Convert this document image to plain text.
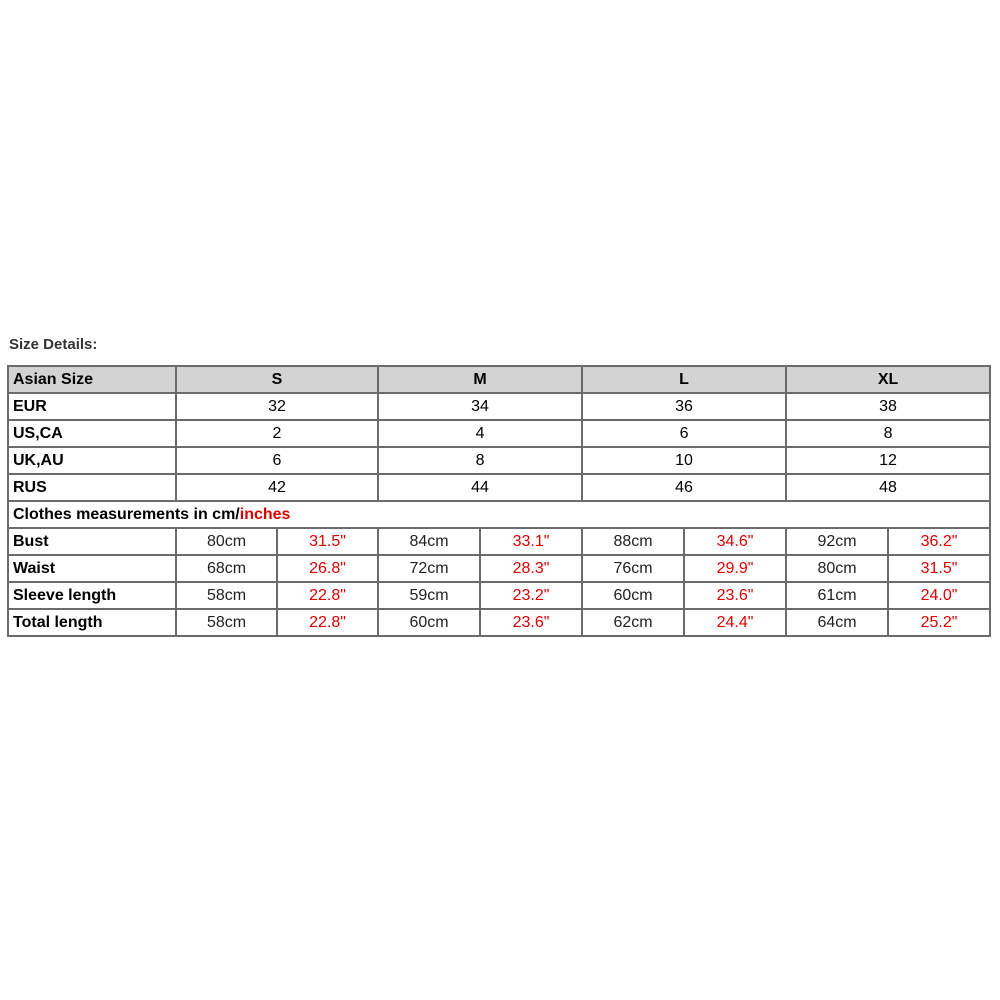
Size Details:
Asian Size	S		M		L		XL	
EUR	32		34		36		38	
US,CA	2		4		6		8	
UK,AU	6		8		10		12	
RUS	42		44		46		48	
Clothes measurements in cm/inches								
Bust	80cm	31.5"	84cm	33.1"	88cm	34.6"	92cm	36.2"
Waist	68cm	26.8"	72cm	28.3"	76cm	29.9"	80cm	31.5"
Sleeve length	58cm	22.8"	59cm	23.2"	60cm	23.6"	61cm	24.0"
Total length	58cm	22.8"	60cm	23.6"	62cm	24.4"	64cm	25.2"
